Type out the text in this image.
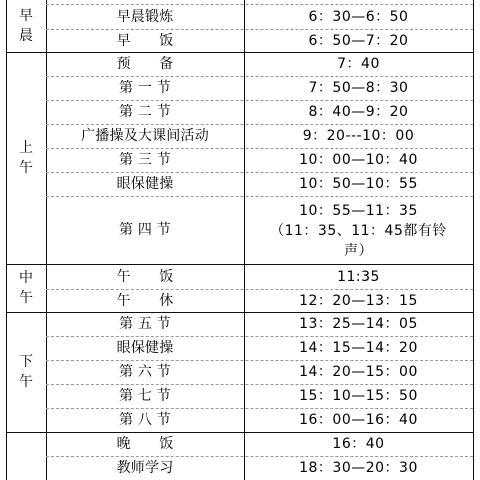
早
晨
上
午
中
午
下
午
早晨锻炼
早　　饭
预　　备
第 一 节
第 二 节
广播操及大课间活动
第 三 节
眼保健操
第 四 节
午　　饭
午　　休
第 五 节
眼保健操
第 六 节
第 七 节
第 八 节
晚　　饭
教师学习
6：30—6：50
6：50—7：20
7：40
7：50—8：30
8：40—9：20
9：20---10：00
10：00—10：40
10：50—10：55
10：55—11：35
（11：35、11：45都有铃
声）
11:35
12：20—13：15
13：25—14：05
14：15—14：20
14：20—15：00
15：10—15：50
16：00—16：40
16：40
18：30—20：30
